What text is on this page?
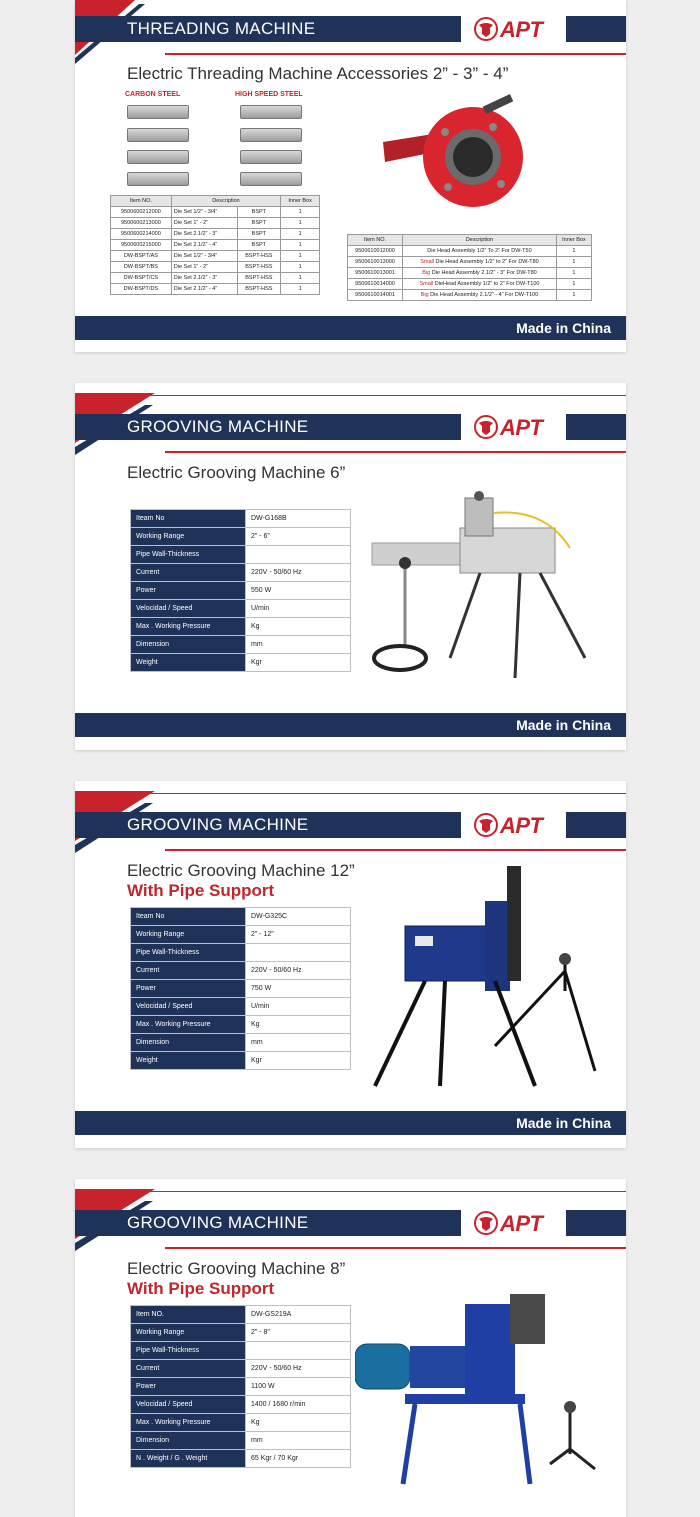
THREADING MACHINE	APT
Electric Threading Machine Accessories 2” - 3” - 4”
CARBON STEEL	HIGH SPEED STEEL
Item NO.	Description		Inner Box
9500600212000	Die Set 1/2” - 3/4”	BSPT	1
9500600213000	Die Set 1” - 2”	BSPT	1
9500600214000	Die Set 2.1/2” - 3”	BSPT	1
9500600215000	Die Set 2.1/2” - 4”	BSPT	1
DW-BSPT/AS	Die Set 1/2” - 3/4”	BSPT-HSS	1
DW-BSPT/BS	Die Set 1” - 2”	BSPT-HSS	1
DW-BSPT/CS	Die Set 2.1/2” - 3”	BSPT-HSS	1
DW-BSPT/DS	Die Set 2.1/2” - 4”	BSPT-HSS	1
Item NO.	Description	Inner Box
9500610012000	Die Head Assembly 1/2” To 2” For DW-T50	1
9500610013000	Small Die Head Assembly 1/2” to 2” For DW-T80	1
9500610013001	Big Die Head Assembly 2.1/2” - 3” For DW-T80	1
9500610014000	Small DieHead Assembly 1/2” to 2” For DW-T100	1
9500610014001	Big Die Head Assembly 2.1/2” - 4” For DW-T100	1
Made in China
GROOVING MACHINE	APT
Electric Grooving Machine 6”
Iteam No	DW-G168B
Working Range	2” - 6”
Pipe Wall-Thickness	
Current	220V - 50/60 Hz
Power	550 W
Velocidad / Speed	U/min
Max . Working Pressure	Kg
Dimension	mm
Weight	Kgr
Made in China
GROOVING MACHINE	APT
Electric Grooving Machine 12”
With Pipe Support
Iteam No	DW-G325C
Working Range	2” - 12”
Pipe Wall-Thickness	
Current	220V - 50/60 Hz
Power	750 W
Velocidad / Speed	U/min
Max . Working Pressure	Kg
Dimension	mm
Weight	Kgr
Made in China
GROOVING MACHINE	APT
Electric Grooving Machine 8”
With Pipe Support
Item NO.	DW-GS219A
Working Range	2” - 8”
Pipe Wall-Thickness	
Current	220V - 50/60 Hz
Power	1100 W
Velocidad / Speed	1400 / 1680 r/min
Max . Working Pressure	Kg
Dimension	mm
N . Weight / G . Weight	65 Kgr / 70 Kgr
